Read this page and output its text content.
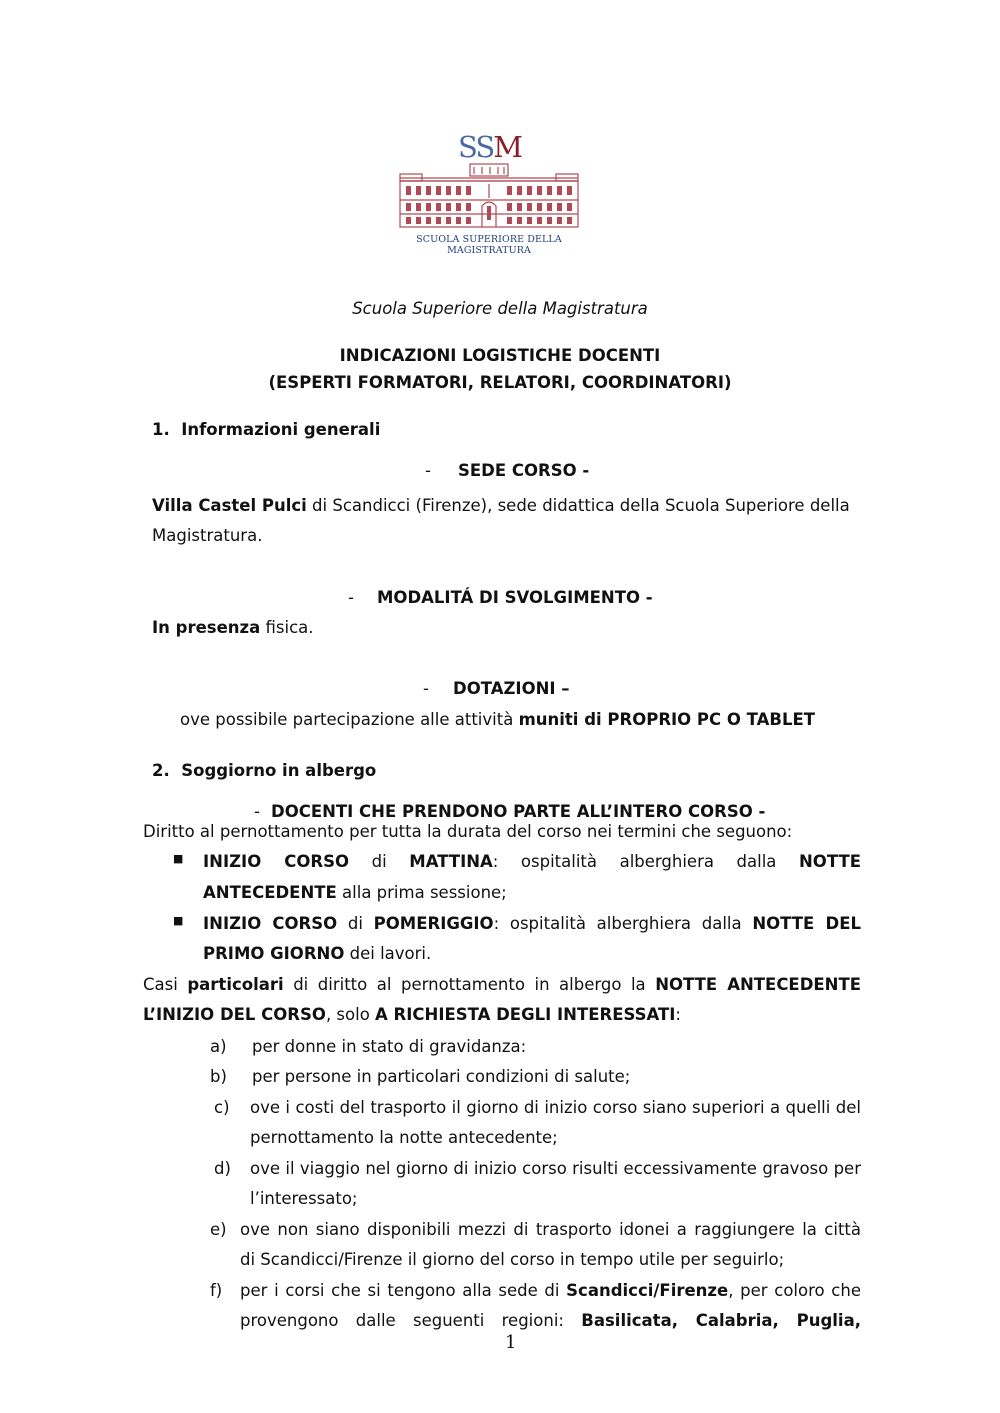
SSM
SCUOLA SUPERIORE DELLA MAGISTRATURA
Scuola Superiore della Magistratura
INDICAZIONI LOGISTICHE DOCENTI
(ESPERTI FORMATORI, RELATORI, COORDINATORI)
1.  Informazioni generali
- SEDE CORSO -
Villa Castel Pulci di Scandicci (Firenze), sede didattica della Scuola Superiore della
Magistratura.
- MODALITÁ DI SVOLGIMENTO -
In presenza fisica.
- DOTAZIONI –
ove possibile partecipazione alle attività muniti di PROPRIO PC O TABLET
2.  Soggiorno in albergo
- DOCENTI CHE PRENDONO PARTE ALL’INTERO CORSO -
Diritto al pernottamento per tutta la durata del corso nei termini che seguono:
■ INIZIO CORSO di MATTINA: ospitalità alberghiera dalla NOTTE
ANTECEDENTE alla prima sessione;
■ INIZIO CORSO di POMERIGGIO: ospitalità alberghiera dalla NOTTE DEL
PRIMO GIORNO dei lavori.
Casi particolari di diritto al pernottamento in albergo la NOTTE ANTECEDENTE
L’INIZIO DEL CORSO, solo A RICHIESTA DEGLI INTERESSATI:
a) per donne in stato di gravidanza:
b) per persone in particolari condizioni di salute;
c) ove i costi del trasporto il giorno di inizio corso siano superiori a quelli del
pernottamento la notte antecedente;
d) ove il viaggio nel giorno di inizio corso risulti eccessivamente gravoso per
l’interessato;
e) ove non siano disponibili mezzi di trasporto idonei a raggiungere la città
di Scandicci/Firenze il giorno del corso in tempo utile per seguirlo;
f) per i corsi che si tengono alla sede di Scandicci/Firenze, per coloro che
provengono dalle seguenti regioni: Basilicata, Calabria, Puglia,
1
